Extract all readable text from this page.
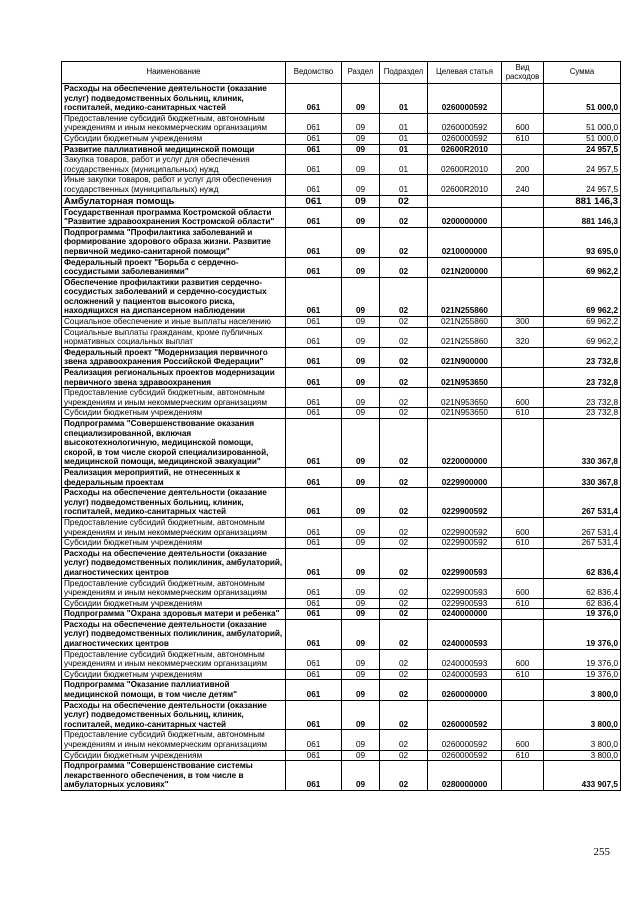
Наименование	Ведомство	Раздел	Подраздел	Целевая статья	Вид расходов	Сумма
Расходы на обеспечение деятельности (оказание услуг) подведомственных больниц, клиник, госпиталей, медико-санитарных частей	061	09	01	0260000592		51 000,0
Предоставление субсидий бюджетным, автономным учреждениям и иным некоммерческим организациям	061	09	01	0260000592	600	51 000,0
Субсидии бюджетным учреждениям	061	09	01	0260000592	610	51 000,0
Развитие паллиативной медицинской помощи	061	09	01	02600R2010		24 957,5
Закупка товаров, работ и услуг для обеспечения государственных (муниципальных) нужд	061	09	01	02600R2010	200	24 957,5
Иные закупки товаров, работ и услуг для обеспечения государственных (муниципальных) нужд	061	09	01	02600R2010	240	24 957,5
Амбулаторная помощь	061	09	02			881 146,3
Государственная программа Костромской области "Развитие здравоохранения Костромской области"	061	09	02	0200000000		881 146,3
Подпрограмма "Профилактика заболеваний и формирование здорового образа жизни. Развитие первичной медико-санитарной помощи"	061	09	02	0210000000		93 695,0
Федеральный проект "Борьба с сердечно-сосудистыми заболеваниями"	061	09	02	021N200000		69 962,2
Обеспечение профилактики развития сердечно-сосудистых заболеваний и сердечно-сосудистых осложнений у пациентов высокого риска, находящихся на диспансерном наблюдении	061	09	02	021N255860		69 962,2
Социальное обеспечение и иные выплаты населению	061	09	02	021N255860	300	69 962,2
Социальные выплаты гражданам, кроме публичных нормативных социальных выплат	061	09	02	021N255860	320	69 962,2
Федеральный проект "Модернизация первичного звена здравоохранения Российской Федерации"	061	09	02	021N900000		23 732,8
Реализация региональных проектов модернизации первичного звена здравоохранения	061	09	02	021N953650		23 732,8
Предоставление субсидий бюджетным, автономным учреждениям и иным некоммерческим организациям	061	09	02	021N953650	600	23 732,8
Субсидии бюджетным учреждениям	061	09	02	021N953650	610	23 732,8
Подпрограмма "Совершенствование оказания специализированной, включая высокотехнологичную, медицинской помощи, скорой, в том числе скорой специализированной, медицинской помощи, медицинской эвакуации"	061	09	02	0220000000		330 367,8
Реализация мероприятий, не отнесенных к федеральным проектам	061	09	02	0229900000		330 367,8
Расходы на обеспечение деятельности (оказание услуг) подведомственных больниц, клиник, госпиталей, медико-санитарных частей	061	09	02	0229900592		267 531,4
Предоставление субсидий бюджетным, автономным учреждениям и иным некоммерческим организациям	061	09	02	0229900592	600	267 531,4
Субсидии бюджетным учреждениям	061	09	02	0229900592	610	267 531,4
Расходы на обеспечение деятельности (оказание услуг) подведомственных поликлиник, амбулаторий, диагностических центров	061	09	02	0229900593		62 836,4
Предоставление субсидий бюджетным, автономным учреждениям и иным некоммерческим организациям	061	09	02	0229900593	600	62 836,4
Субсидии бюджетным учреждениям	061	09	02	0229900593	610	62 836,4
Подпрограмма "Охрана здоровья матери и ребенка"	061	09	02	0240000000		19 376,0
Расходы на обеспечение деятельности (оказание услуг) подведомственных поликлиник, амбулаторий, диагностических центров	061	09	02	0240000593		19 376,0
Предоставление субсидий бюджетным, автономным учреждениям и иным некоммерческим организациям	061	09	02	0240000593	600	19 376,0
Субсидии бюджетным учреждениям	061	09	02	0240000593	610	19 376,0
Подпрограмма "Оказание паллиативной медицинской помощи, в том числе детям"	061	09	02	0260000000		3 800,0
Расходы на обеспечение деятельности (оказание услуг) подведомственных больниц, клиник, госпиталей, медико-санитарных частей	061	09	02	0260000592		3 800,0
Предоставление субсидий бюджетным, автономным учреждениям и иным некоммерческим организациям	061	09	02	0260000592	600	3 800,0
Субсидии бюджетным учреждениям	061	09	02	0260000592	610	3 800,0
Подпрограмма "Совершенствование системы лекарственного обеспечения, в том числе в амбулаторных условиях"	061	09	02	0280000000		433 907,5
255
